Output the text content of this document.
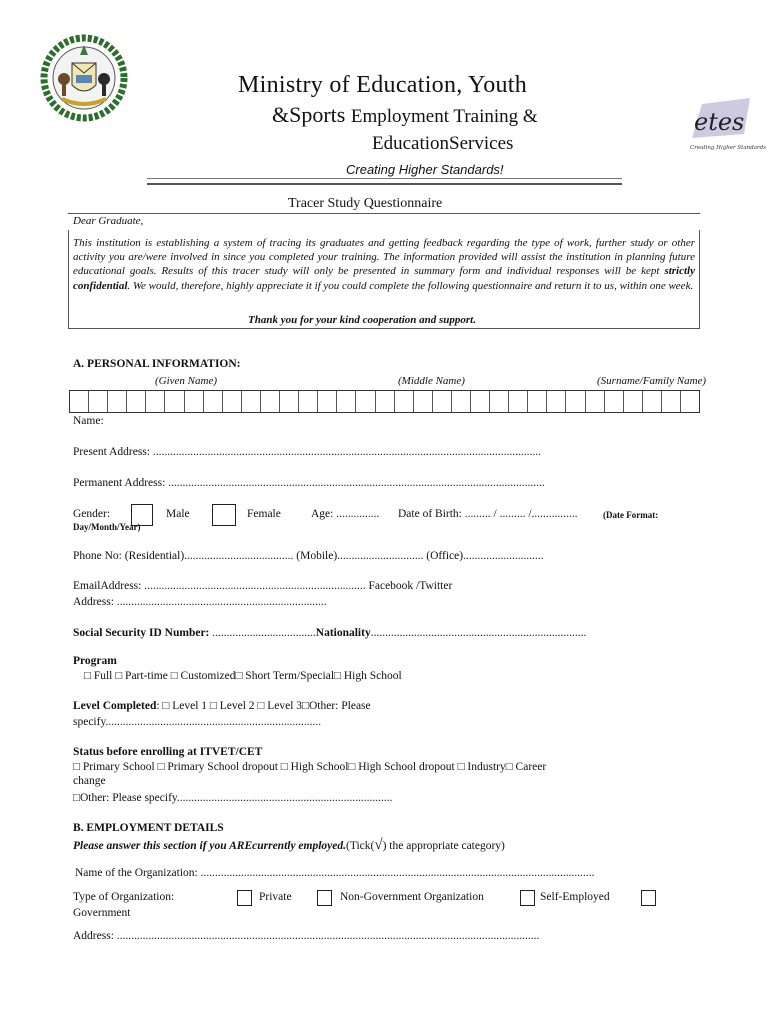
etes
Creating Higher Standards
Ministry of Education, Youth
&Sports Employment Training &
EducationServices
Creating Higher Standards!
Tracer Study Questionnaire
Dear Graduate,
This institution is establishing a system of tracing its graduates and getting feedback regarding the type of work, further study or other activity you are/were involved in since you completed your training. The information provided will assist the institution in planning future educational goals. Results of this tracer study will only be presented in summary form and individual responses will be kept strictly confidential. We would, therefore, highly appreciate it if you could complete the following questionnaire and return it to us, within one week.
Thank you for your kind cooperation and support.
A. PERSONAL INFORMATION:
(Given Name)	(Middle Name)	(Surname/Family Name)
Name:
Present Address: .......................................................................................................................................
Permanent Address: ...................................................................................................................................
Gender:	Male	Female	Age: ............... Date of Birth: ......... / ......... /................	(Date Format:
Day/Month/Year)
Phone No: (Residential)...................................... (Mobile).............................. (Office)............................
EmailAddress: ............................................................................. Facebook /Twitter
Address: .........................................................................
Social Security ID Number: ....................................Nationality...........................................................................
Program
□ Full □ Part-time □ Customized□ Short Term/Special□ High School
Level Completed: □ Level 1 □ Level 2 □ Level 3□Other: Please
specify...........................................................................
Status before enrolling at ITVET/CET
□ Primary School □ Primary School dropout □ High School□ High School dropout □ Industry□ Career
change
□Other: Please specify...........................................................................
B. EMPLOYMENT DETAILS
Please answer this section if you AREcurrently employed.(Tick(√) the appropriate category)
Name of the Organization: .........................................................................................................................................
Type of Organization:	Private	Non-Government Organization	Self-Employed
Government
Address: ...................................................................................................................................................
